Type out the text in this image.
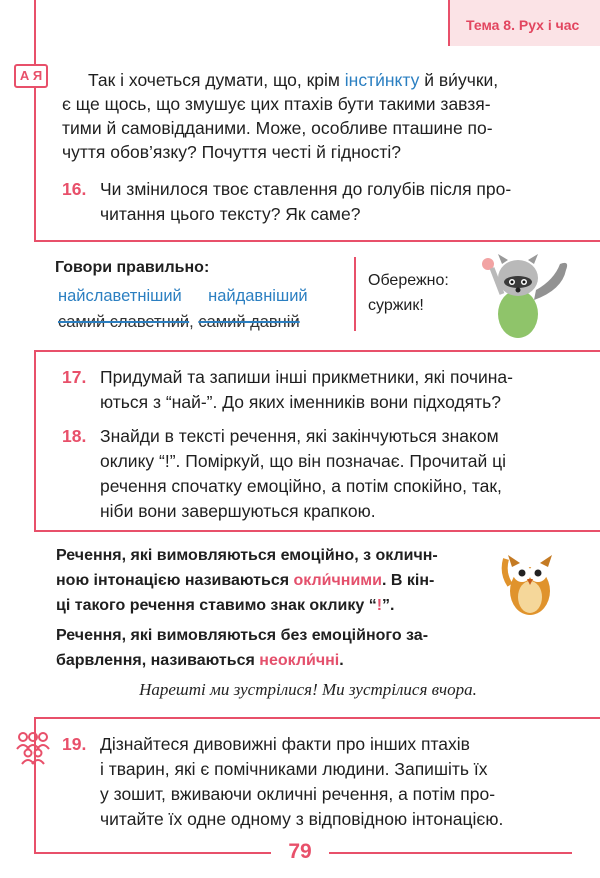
Тема 8. Рух і час
А Я	Так і хочеться думати, що, крім інсти́нкту й ви́учки,
є ще щось, що змушує цих птахів бути такими завзя-
тими й самовідданими. Може, особливе пташине по-
чуття обов’язку? Почуття честі й гідності?
16. Чи змінилося твоє ставлення до голубів після про-
читання цього тексту? Як саме?
Говори правильно:
найславетніший найдавніший
самий славетний, самий давній
Обережно:
суржик!
17. Придумай та запиши інші прикметники, які почина-
ються з “най-”. До яких іменників вони підходять?
18. Знайди в тексті речення, які закінчуються знаком
оклику “!”. Поміркуй, що він позначає. Прочитай ці
речення спочатку емоційно, а потім спокійно, так,
ніби вони завершуються крапкою.
Речення, які вимовляються емоційно, з окличн-
ною інтонацією називаються окли́чними. В кін-
ці такого речення ставимо знак оклику “!”.
Речення, які вимовляються без емоційного за-
барвлення, називаються неокли́чні.
Нарешті ми зустрілися! Ми зустрілися вчора.
19. Дізнайтеся дивовижні факти про інших птахів
і тварин, які є помічниками людини. Запишіть їх
у зошит, вживаючи окличні речення, а потім про-
читайте їх одне одному з відповідною інтонацією.
79
